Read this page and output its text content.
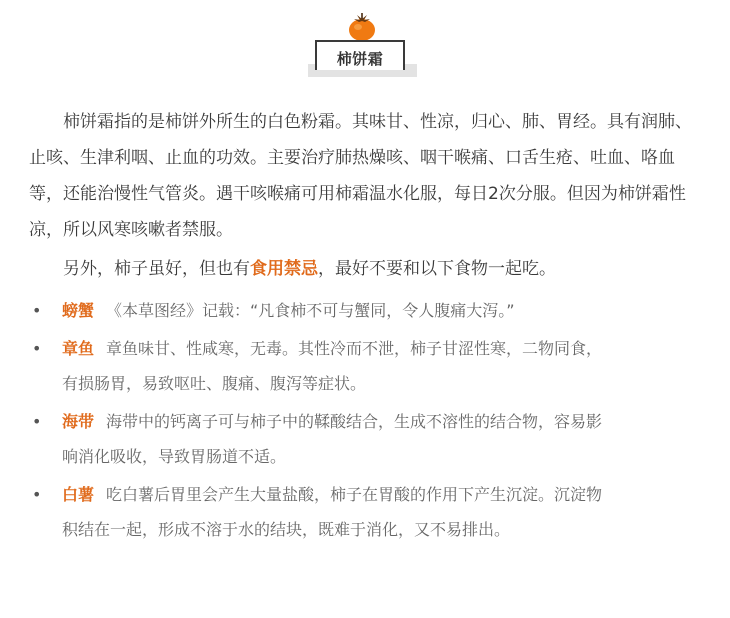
柿饼霜

柿饼霜指的是柿饼外所生的白色粉霜。其味甘、性凉，归心、肺、胃经。具有润肺、止咳、生津利咽、止血的功效。主要治疗肺热燥咳、咽干喉痛、口舌生疮、吐血、咯血等，还能治慢性气管炎。遇干咳喉痛可用柿霜温水化服，每日2次分服。但因为柿饼霜性凉，所以风寒咳嗽者禁服。

另外，柿子虽好，但也有食用禁忌，最好不要和以下食物一起吃。

• 螃蟹 《本草图经》记载：“凡食柿不可与蟹同，令人腹痛大泻。”
• 章鱼 章鱼味甘、性咸寒，无毒。其性冷而不泄，柿子甘涩性寒，二物同食，有损肠胃，易致呕吐、腹痛、腹泻等症状。
• 海带 海带中的钙离子可与柿子中的鞣酸结合，生成不溶性的结合物，容易影响消化吸收，导致胃肠道不适。
• 白薯 吃白薯后胃里会产生大量盐酸，柿子在胃酸的作用下产生沉淀。沉淀物积结在一起，形成不溶于水的结块，既难于消化，又不易排出。
